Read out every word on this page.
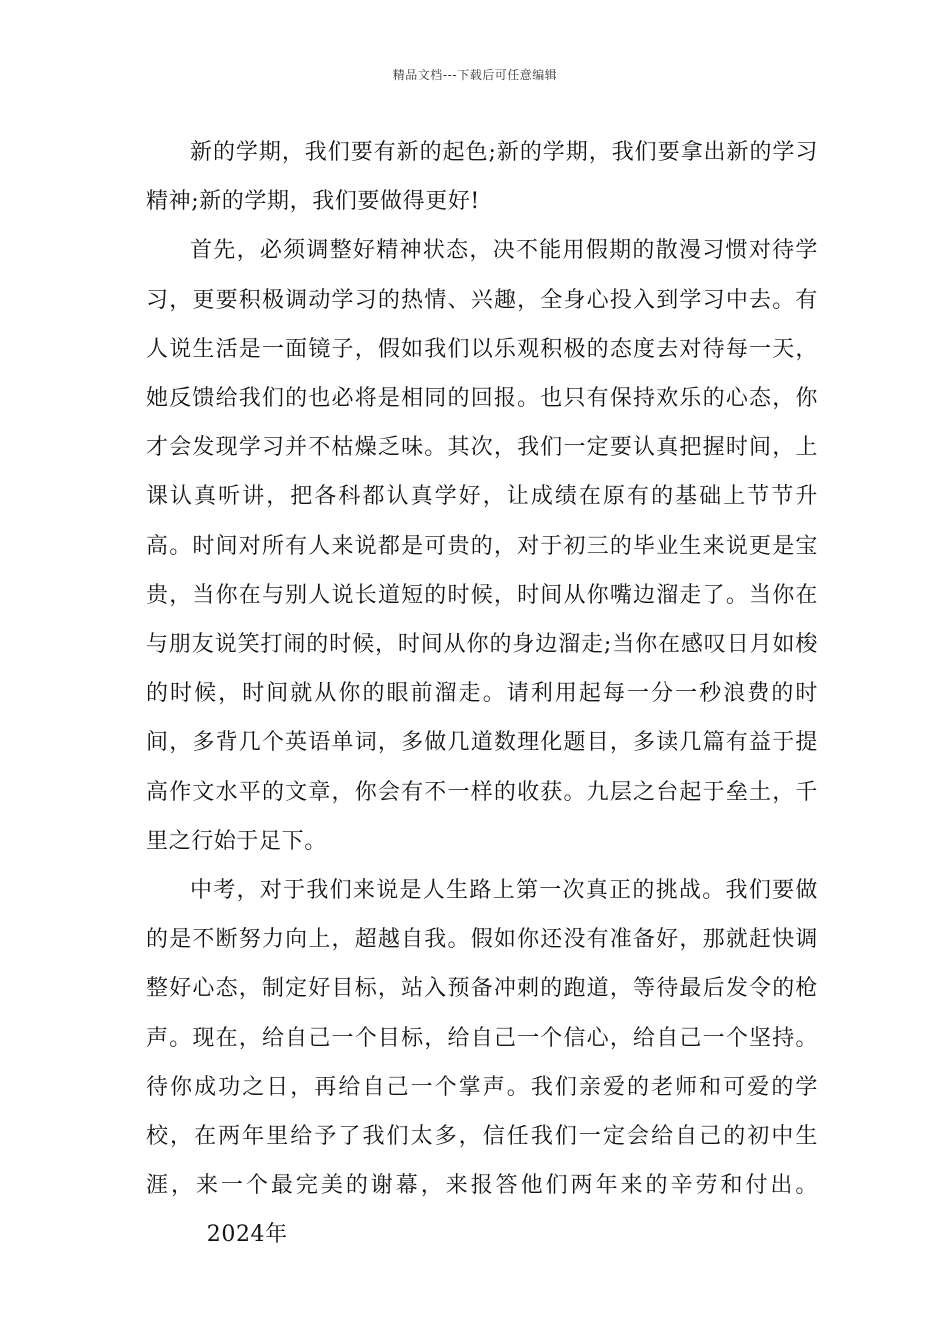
精品文档---下载后可任意编辑

新的学期，我们要有新的起色;新的学期，我们要拿出新的学习精神;新的学期，我们要做得更好!

首先，必须调整好精神状态，决不能用假期的散漫习惯对待学习，更要积极调动学习的热情、兴趣，全身心投入到学习中去。有人说生活是一面镜子，假如我们以乐观积极的态度去对待每一天，她反馈给我们的也必将是相同的回报。也只有保持欢乐的心态，你才会发现学习并不枯燥乏味。其次，我们一定要认真把握时间，上课认真听讲，把各科都认真学好，让成绩在原有的基础上节节升高。时间对所有人来说都是可贵的，对于初三的毕业生来说更是宝贵，当你在与别人说长道短的时候，时间从你嘴边溜走了。当你在与朋友说笑打闹的时候，时间从你的身边溜走;当你在感叹日月如梭的时候，时间就从你的眼前溜走。请利用起每一分一秒浪费的时间，多背几个英语单词，多做几道数理化题目，多读几篇有益于提高作文水平的文章，你会有不一样的收获。九层之台起于垒土，千里之行始于足下。

中考，对于我们来说是人生路上第一次真正的挑战。我们要做的是不断努力向上，超越自我。假如你还没有准备好，那就赶快调整好心态，制定好目标，站入预备冲刺的跑道，等待最后发令的枪声。现在，给自己一个目标，给自己一个信心，给自己一个坚持。待你成功之日，再给自己一个掌声。我们亲爱的老师和可爱的学校，在两年里给予了我们太多，信任我们一定会给自己的初中生涯，来一个最完美的谢幕，来报答他们两年来的辛劳和付出。        2024年
